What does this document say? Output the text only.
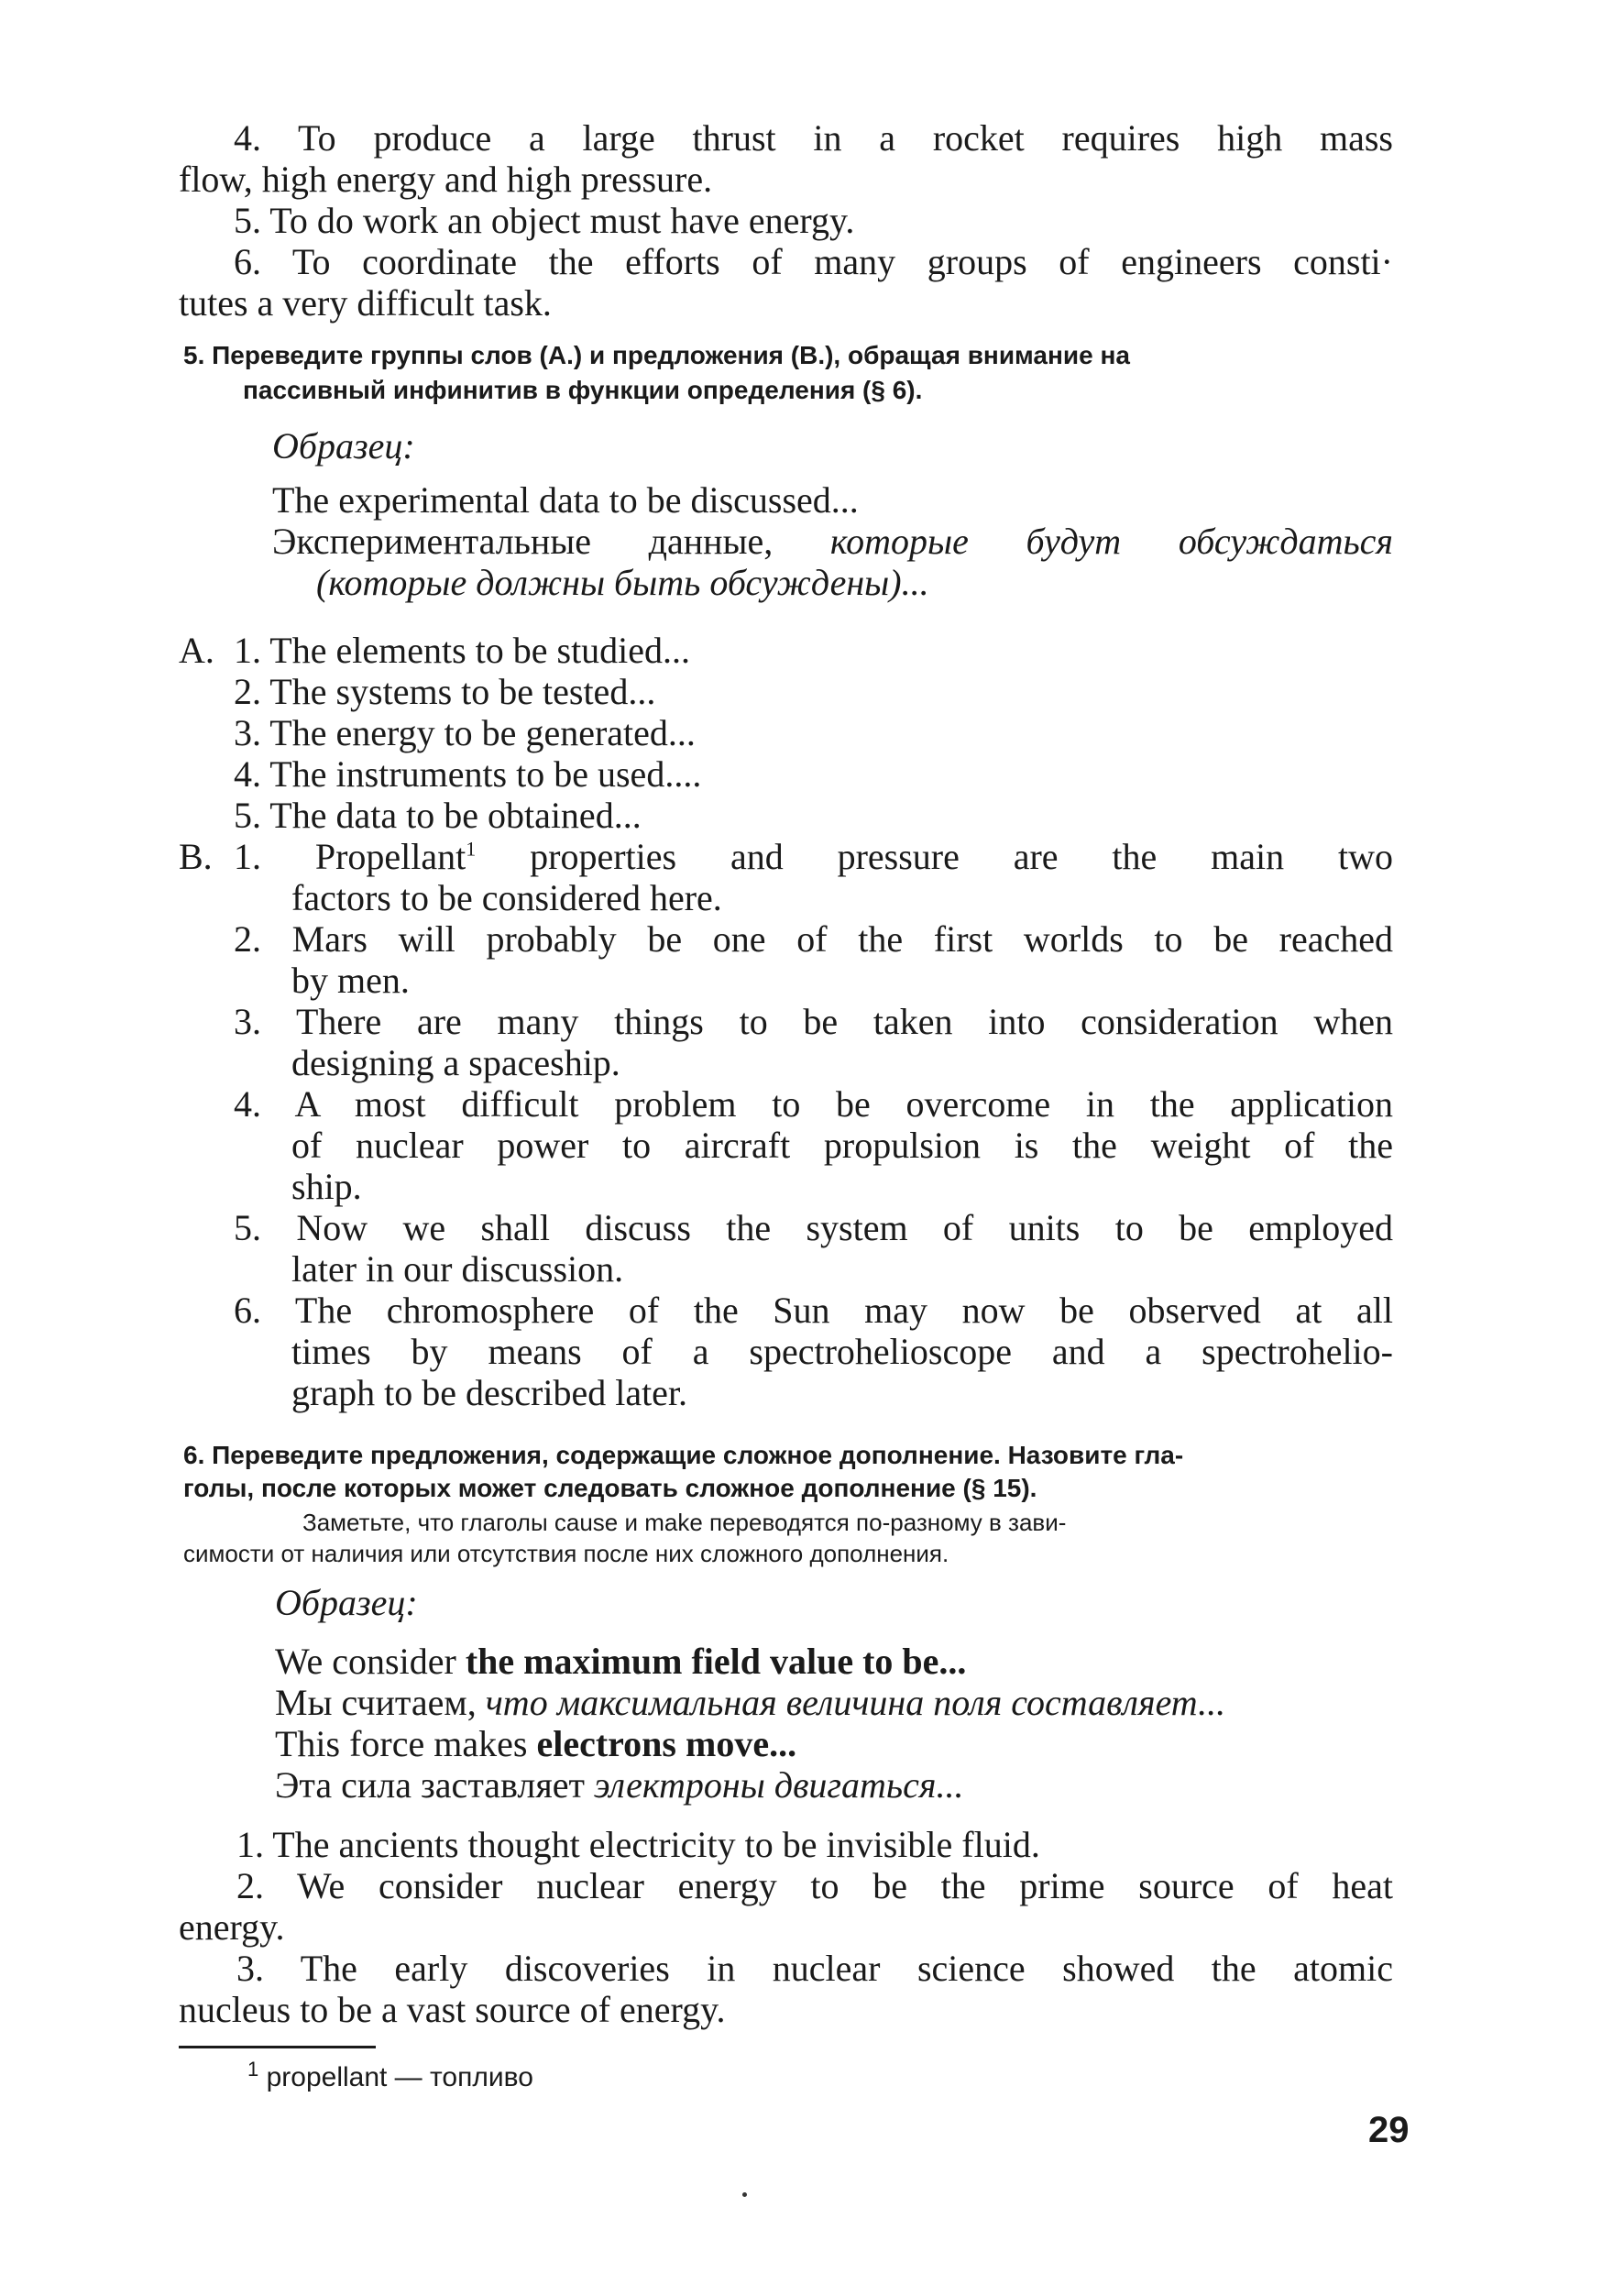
4. To produce a large thrust in a rocket requires high mass
flow, high energy and high pressure.
5. To do work an object must have energy.
6. To coordinate the efforts of many groups of engineers consti·
tutes a very difficult task.
5. Переведите группы слов (А.) и предложения (В.), обращая внимание на
пассивный инфинитив в функции определения (§ 6).
Образец:
The experimental data to be discussed...
Экспериментальные данные, которые будут обсуждаться
(которые должны быть обсуждены)...
A. 1. The elements to be studied...
2. The systems to be tested...
3. The energy to be generated...
4. The instruments to be used....
5. The data to be obtained...
B. 1. Propellant$^1$ properties and pressure are the main two
factors to be considered here.
2. Mars will probably be one of the first worlds to be reached
by men.
3. There are many things to be taken into consideration when
designing a spaceship.
4. A most difficult problem to be overcome in the application
of nuclear power to aircraft propulsion is the weight of the
ship.
5. Now we shall discuss the system of units to be employed
later in our discussion.
6. The chromosphere of the Sun may now be observed at all
times by means of a spectroheliosсope and a spectrohelio-
graph to be described later.
6. Переведите предложения, содержащие сложное дополнение. Назовите гла-
голы, после которых может следовать сложное дополнение (§ 15).
Заметьте, что глаголы cause и make переводятся по-разному в зави-
симости от наличия или отсутствия после них сложного дополнения.
Образец:
We consider the maximum field value to be...
Мы считаем, что максимальная величина поля составляет...
This force makes electrons move...
Эта сила заставляет электроны двигаться...
1. The ancients thought electricity to be invisible fluid.
2. We consider nuclear energy to be the prime source of heat
energy.
3. The early discoveries in nuclear science showed the atomic
nucleus to be a vast source of energy.
$^1$ propellant — топливо
29
